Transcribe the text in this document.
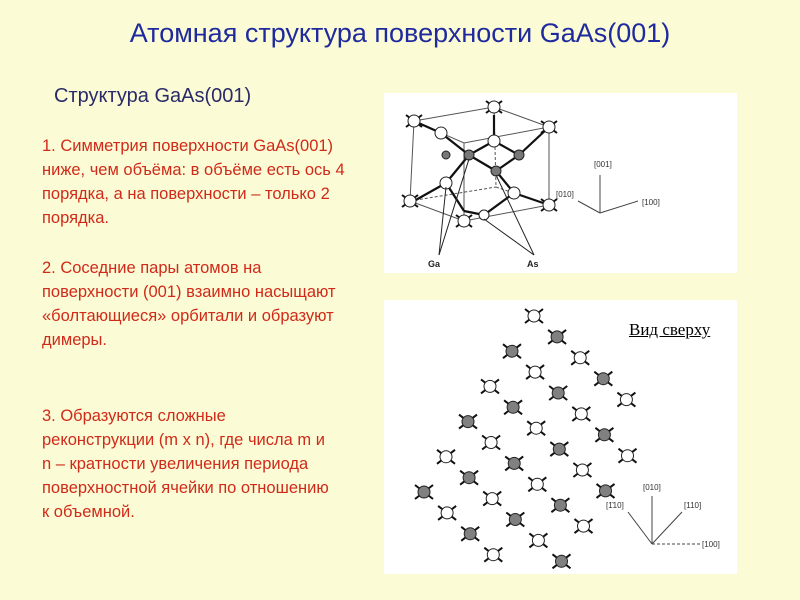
Атомная структура поверхности GaAs(001)
Структура GaAs(001)
1. Симметрия поверхности GaAs(001) ниже, чем объёма: в объёме есть ось 4 порядка, а на поверхности – только 2 порядка.
2. Соседние пары атомов на поверхности (001) взаимно насыщают «болтающиеся» орбитали и образуют димеры.
3. Образуются сложные реконструкции (m x n), где числа m и n – кратности увеличения периода поверхностной ячейки по отношению к объемной.
Ga	As
[001]
[010]
[100]
[010]
[1̄10]	[110]
[100]
Вид сверху
